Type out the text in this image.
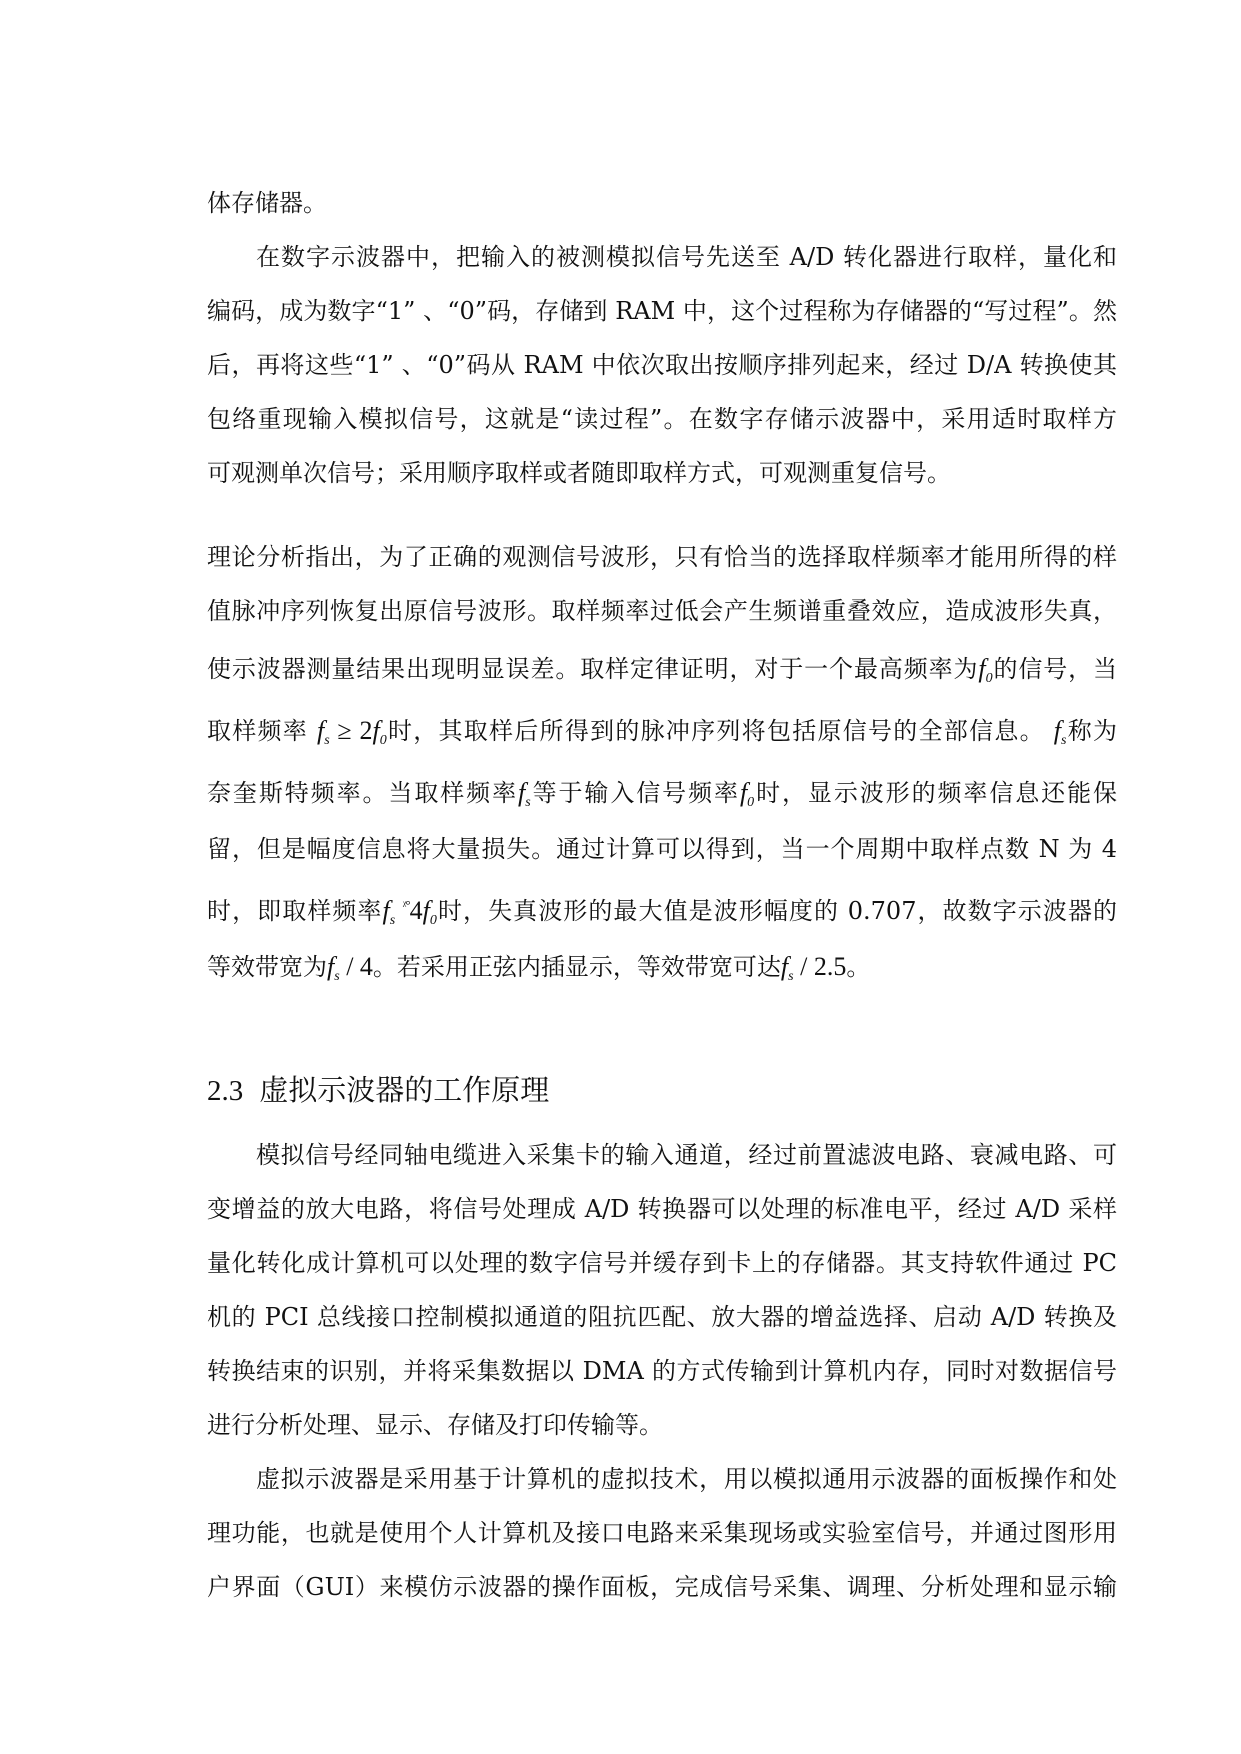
体存储器。
在数字示波器中，把输入的被测模拟信号先送至 A/D 转化器进行取样，量化和
编码，成为数字“1” 、“0”码，存储到 RAM 中，这个过程称为存储器的“写过程”。然
后，再将这些“1” 、“0”码从 RAM 中依次取出按顺序排列起来，经过 D/A 转换使其
包络重现输入模拟信号，这就是“读过程”。在数字存储示波器中，采用适时取样方
可观测单次信号；采用顺序取样或者随即取样方式，可观测重复信号。
理论分析指出，为了正确的观测信号波形，只有恰当的选择取样频率才能用所得的样
值脉冲序列恢复出原信号波形。取样频率过低会产生频谱重叠效应，造成波形失真，
使示波器测量结果出现明显误差。取样定律证明，对于一个最高频率为$f_0$的信号，当
取样频率 $f_s \ge 2f_0$时，其取样后所得到的脉冲序列将包括原信号的全部信息。 $f_s$称为
奈奎斯特频率。当取样频率$f_s$等于输入信号频率$f_0$时，显示波形的频率信息还能保
留，但是幅度信息将大量损失。通过计算可以得到，当一个周期中取样点数 N 为 4
时，即取样频率$f_s$ $^{ᵡ^\circ}4f_0$时，失真波形的最大值是波形幅度的 0.707，故数字示波器的
等效带宽为$f_s / 4$。若采用正弦内插显示，等效带宽可达$f_s / 2.5$。
2.3 虚拟示波器的工作原理
模拟信号经同轴电缆进入采集卡的输入通道，经过前置滤波电路、衰减电路、可
变增益的放大电路，将信号处理成 A/D 转换器可以处理的标准电平，经过 A/D 采样
量化转化成计算机可以处理的数字信号并缓存到卡上的存储器。其支持软件通过 PC
机的 PCI 总线接口控制模拟通道的阻抗匹配、放大器的增益选择、启动 A/D 转换及
转换结束的识别，并将采集数据以 DMA 的方式传输到计算机内存，同时对数据信号
进行分析处理、显示、存储及打印传输等。
虚拟示波器是采用基于计算机的虚拟技术，用以模拟通用示波器的面板操作和处
理功能，也就是使用个人计算机及接口电路来采集现场或实验室信号，并通过图形用
户界面（GUI）来模仿示波器的操作面板，完成信号采集、调理、分析处理和显示输
